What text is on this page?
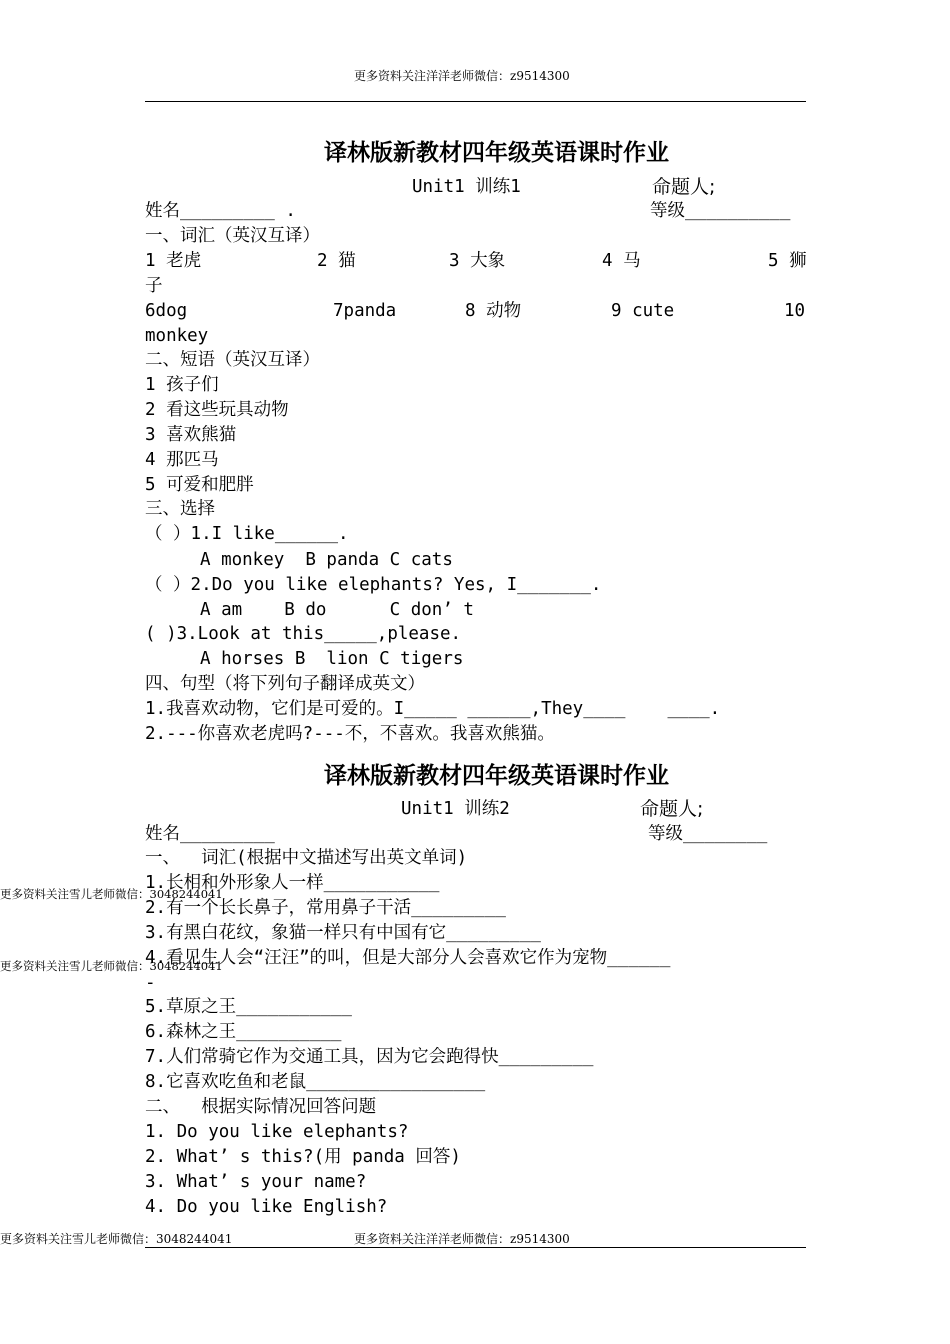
更多资料关注洋洋老师微信：z9514300
译林版新教材四年级英语课时作业
Unit1 训练1	命题人;
姓名_________ .	等级__________
一、词汇（英汉互译）
1 老虎	2 猫	3 大象	4 马	5 狮
子
6dog	7panda	8 动物	9 cute	10
monkey
二、短语（英汉互译）
1 孩子们
2 看这些玩具动物
3 喜欢熊猫
4 那匹马
5 可爱和肥胖
三、选择
（ ）1.I like______.
A monkey  B panda C cats
（ ）2.Do you like elephants? Yes, I_______.
A am    B do      C don’ t
( )3.Look at this_____,please.
A horses B  lion C tigers
四、句型（将下列句子翻译成英文）
1.我喜欢动物，它们是可爱的。I_____ ______,They____    ____.
2.---你喜欢老虎吗?---不，不喜欢。我喜欢熊猫。
译林版新教材四年级英语课时作业
Unit1 训练2	命题人;
姓名_________	等级________
一、  词汇(根据中文描述写出英文单词)
1.长相和外形象人一样___________
2.有一个长长鼻子，常用鼻子干活_________
3.有黑白花纹，象猫一样只有中国有它_________
4.看见生人会“汪汪”的叫，但是大部分人会喜欢它作为宠物______
-
5.草原之王___________
6.森林之王__________
7.人们常骑它作为交通工具，因为它会跑得快_________
8.它喜欢吃鱼和老鼠_________________
二、  根据实际情况回答问题
1. Do you like elephants?
2. What’ s this?(用 panda 回答)
3. What’ s your name?
4. Do you like English?
更多资料关注雪儿老师微信：3048244041
更多资料关注雪儿老师微信：3048244041
更多资料关注雪儿老师微信：3048244041	更多资料关注洋洋老师微信：z9514300
